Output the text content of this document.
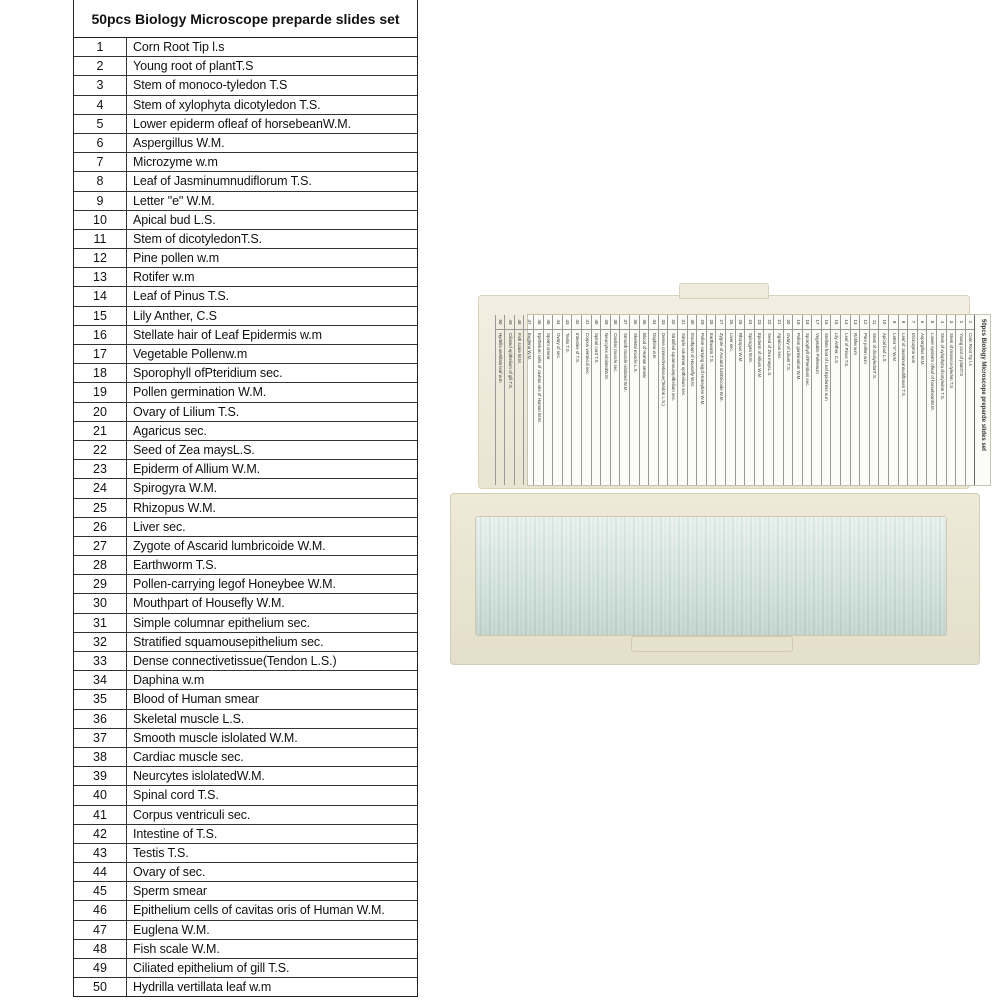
50pcs Biology Microscope preparde slides set
1	Corn Root Tip l.s
2	Young root of plantT.S
3	Stem of monoco-tyledon T.S
4	Stem of xylophyta dicotyledon T.S.
5	Lower epiderm ofleaf of horsebeanW.M.
6	Aspergillus W.M.
7	Microzyme w.m
8	Leaf of Jasminumnudiflorum T.S.
9	Letter "e" W.M.
10	Apical bud L.S.
11	Stem of dicotyledonT.S.
12	Pine pollen w.m
13	Rotifer w.m
14	Leaf of Pinus T.S.
15	Lily Anther, C.S
16	Stellate hair of Leaf Epidermis w.m
17	Vegetable Pollenw.m
18	Sporophyll ofPteridium sec.
19	Pollen germination W.M.
20	Ovary of Lilium T.S.
21	Agaricus sec.
22	Seed of Zea maysL.S.
23	Epiderm of Allium W.M.
24	Spirogyra W.M.
25	Rhizopus W.M.
26	Liver sec.
27	Zygote of Ascarid lumbricoide W.M.
28	Earthworm T.S.
29	Pollen-carrying legof Honeybee W.M.
30	Mouthpart of Housefly W.M.
31	Simple columnar epithelium sec.
32	Stratified squamousepithelium sec.
33	Dense connectivetissue(Tendon L.S.)
34	Daphina w.m
35	Blood of Human smear
36	Skeletal muscle L.S.
37	Smooth muscle islolated W.M.
38	Cardiac muscle sec.
39	Neurcytes islolatedW.M.
40	Spinal cord T.S.
41	Corpus ventriculi sec.
42	Intestine of T.S.
43	Testis T.S.
44	Ovary of sec.
45	Sperm smear
46	Epithelium cells of cavitas oris of Human W.M.
47	Euglena W.M.
48	Fish scale W.M.
49	Ciliated epithelium of gill T.S.
50	Hydrilla vertillata leaf w.m
50pcs Biology Microscope preparde slides set
1
Corn Root Tip l.s
2
Young root of plantT.S
3
Stem of monoco-tyledon T.S
4
Stem of xylophyta dicotyledon T.S.
5
Lower epiderm ofleaf of horsebeanW.M.
6
Aspergillus W.M.
7
Microzyme w.m
8
Leaf of Jasminumnudiflorum T.S.
9
Letter "e" W.M.
10
Apical bud L.S.
11
Stem of dicotyledonT.S.
12
Pine pollen w.m
13
Rotifer w.m
14
Leaf of Pinus T.S.
15
Lily Anther, C.S
16
Stellate hair of Leaf Epidermis w.m
17
Vegetable Pollenw.m
18
Sporophyll ofPteridium sec.
19
Pollen germination W.M.
20
Ovary of Lilium T.S.
21
Agaricus sec.
22
Seed of Zea maysL.S.
23
Epiderm of Allium W.M.
24
Spirogyra W.M.
25
Rhizopus W.M.
26
Liver sec.
27
Zygote of Ascarid lumbricoide W.M.
28
Earthworm T.S.
29
Pollen-carrying legof Honeybee W.M.
30
Mouthpart of Housefly W.M.
31
Simple columnar epithelium sec.
32
Stratified squamousepithelium sec.
33
Dense connectivetissue(Tendon L.S.)
34
Daphina w.m
35
Blood of Human smear
36
Skeletal muscle L.S.
37
Smooth muscle islolated W.M.
38
Cardiac muscle sec.
39
Neurcytes islolatedW.M.
40
Spinal cord T.S.
41
Corpus ventriculi sec.
42
Intestine of T.S.
43
Testis T.S.
44
Ovary of sec.
45
Sperm smear
46
Epithelium cells of cavitas oris of Human W.M.
47
Euglena W.M.
48
Fish scale W.M.
49
Ciliated epithelium of gill T.S.
50
Hydrilla vertillata leaf w.m
